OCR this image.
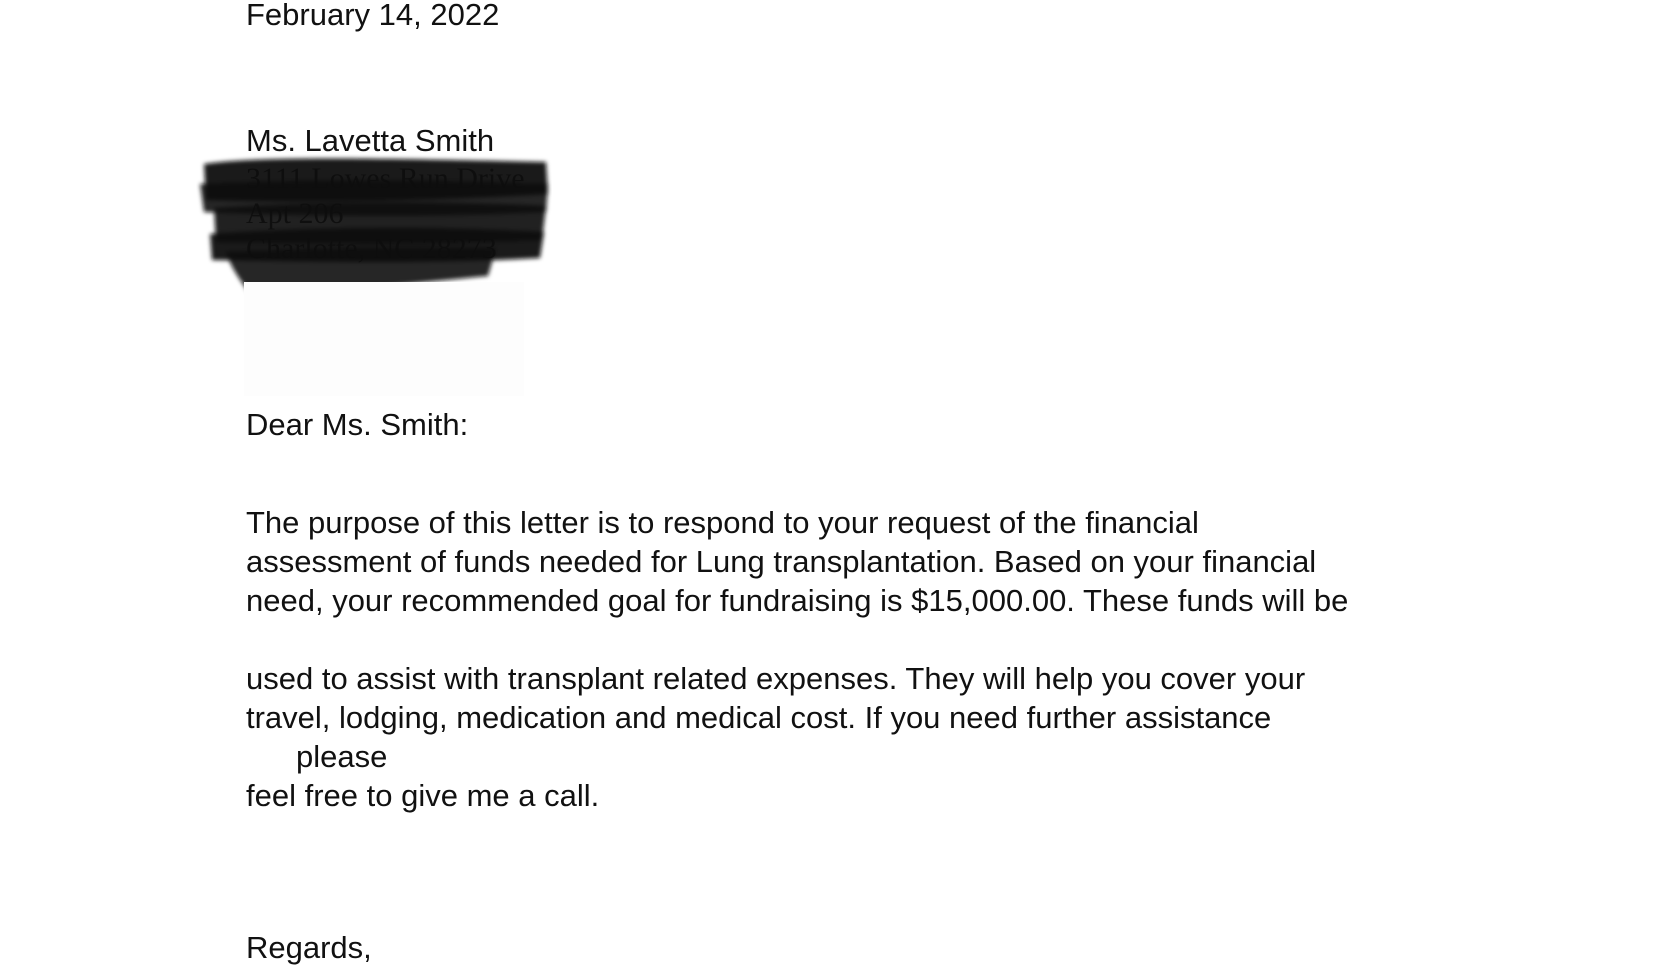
February 14, 2022
Ms. Lavetta Smith
Dear Ms. Smith:
The purpose of this letter is to respond to your request of the financial
assessment of funds needed for Lung transplantation. Based on your financial
need, your recommended goal for fundraising is $15,000.00. These funds will be
used to assist with transplant related expenses. They will help you cover your
travel, lodging, medication and medical cost. If you need further assistance
please
feel free to give me a call.
Regards,
